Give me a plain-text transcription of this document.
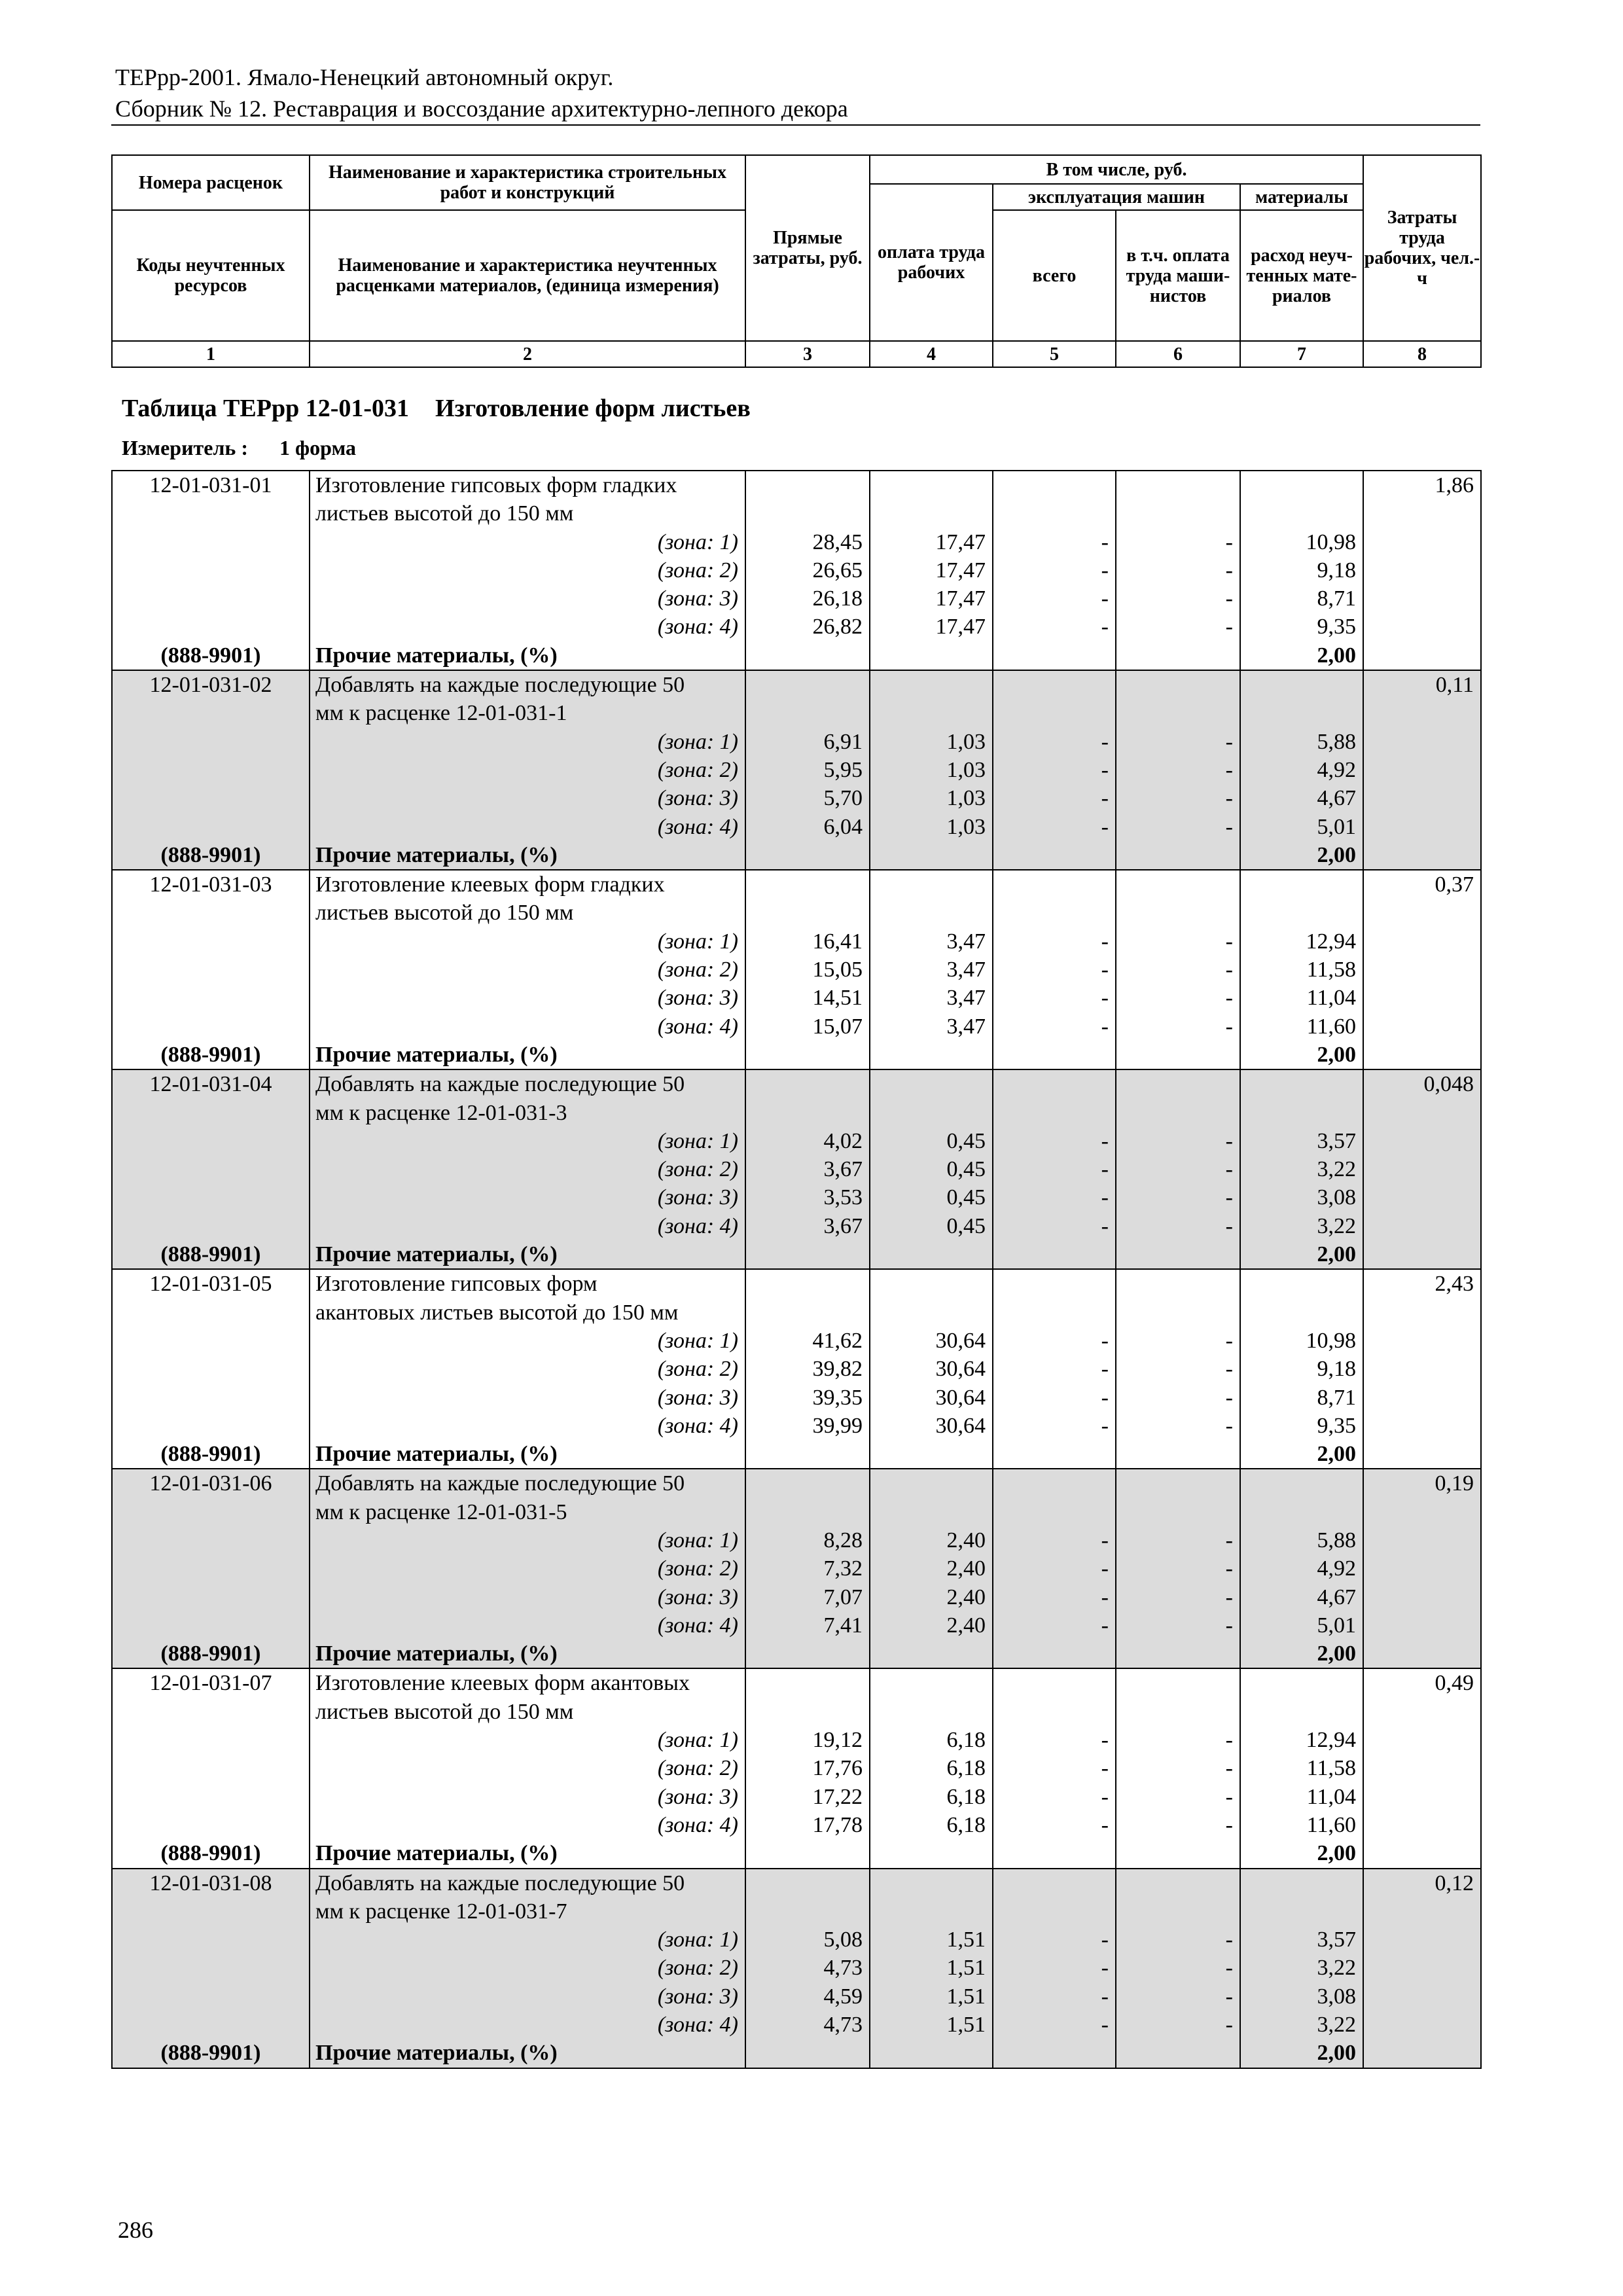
ТЕРрр-2001. Ямало-Ненецкий автономный округ.
Сборник № 12. Реставрация и воссоздание архитектурно-лепного декора
Номера расценок	Наименование и характеристика строительных работ и конструкций	Прямые затраты, руб.	В том числе, руб.				Затраты труда рабочих, чел.-ч
			оплата труда рабочих	эксплуатация машин		материалы	
Коды неучтенных ресурсов	Наименование и характеристика неучтенных расценками материалов, (единица измерения)			всего	в т.ч. оплата труда маши-нистов	расход неуч-тенных мате-риалов	

1	2	3	4	5	6	7	8
Таблица ТЕРрр 12-01-031 Изготовление форм листьев
Измеритель : 1 форма
12-01-031-01	Изготовление гипсовых форм гладких						1,86
	листьев высотой до 150 мм						
	(зона: 1)	28,45	17,47	-	-	10,98	
	(зона: 2)	26,65	17,47	-	-	9,18	
	(зона: 3)	26,18	17,47	-	-	8,71	
	(зона: 4)	26,82	17,47	-	-	9,35	
(888-9901)	Прочие материалы, (%)					2,00	
12-01-031-02	Добавлять на каждые последующие 50						0,11
	мм к расценке 12-01-031-1						
	(зона: 1)	6,91	1,03	-	-	5,88	
	(зона: 2)	5,95	1,03	-	-	4,92	
	(зона: 3)	5,70	1,03	-	-	4,67	
	(зона: 4)	6,04	1,03	-	-	5,01	
(888-9901)	Прочие материалы, (%)					2,00	
12-01-031-03	Изготовление клеевых форм гладких						0,37
	листьев высотой до 150 мм						
	(зона: 1)	16,41	3,47	-	-	12,94	
	(зона: 2)	15,05	3,47	-	-	11,58	
	(зона: 3)	14,51	3,47	-	-	11,04	
	(зона: 4)	15,07	3,47	-	-	11,60	
(888-9901)	Прочие материалы, (%)					2,00	
12-01-031-04	Добавлять на каждые последующие 50						0,048
	мм к расценке 12-01-031-3						
	(зона: 1)	4,02	0,45	-	-	3,57	
	(зона: 2)	3,67	0,45	-	-	3,22	
	(зона: 3)	3,53	0,45	-	-	3,08	
	(зона: 4)	3,67	0,45	-	-	3,22	
(888-9901)	Прочие материалы, (%)					2,00	
12-01-031-05	Изготовление гипсовых форм						2,43
	акантовых листьев высотой до 150 мм						
	(зона: 1)	41,62	30,64	-	-	10,98	
	(зона: 2)	39,82	30,64	-	-	9,18	
	(зона: 3)	39,35	30,64	-	-	8,71	
	(зона: 4)	39,99	30,64	-	-	9,35	
(888-9901)	Прочие материалы, (%)					2,00	
12-01-031-06	Добавлять на каждые последующие 50						0,19
	мм к расценке 12-01-031-5						
	(зона: 1)	8,28	2,40	-	-	5,88	
	(зона: 2)	7,32	2,40	-	-	4,92	
	(зона: 3)	7,07	2,40	-	-	4,67	
	(зона: 4)	7,41	2,40	-	-	5,01	
(888-9901)	Прочие материалы, (%)					2,00	
12-01-031-07	Изготовление клеевых форм акантовых						0,49
	листьев высотой до 150 мм						
	(зона: 1)	19,12	6,18	-	-	12,94	
	(зона: 2)	17,76	6,18	-	-	11,58	
	(зона: 3)	17,22	6,18	-	-	11,04	
	(зона: 4)	17,78	6,18	-	-	11,60	
(888-9901)	Прочие материалы, (%)					2,00	
12-01-031-08	Добавлять на каждые последующие 50						0,12
	мм к расценке 12-01-031-7						
	(зона: 1)	5,08	1,51	-	-	3,57	
	(зона: 2)	4,73	1,51	-	-	3,22	
	(зона: 3)	4,59	1,51	-	-	3,08	
	(зона: 4)	4,73	1,51	-	-	3,22	
(888-9901)	Прочие материалы, (%)					2,00	
286
